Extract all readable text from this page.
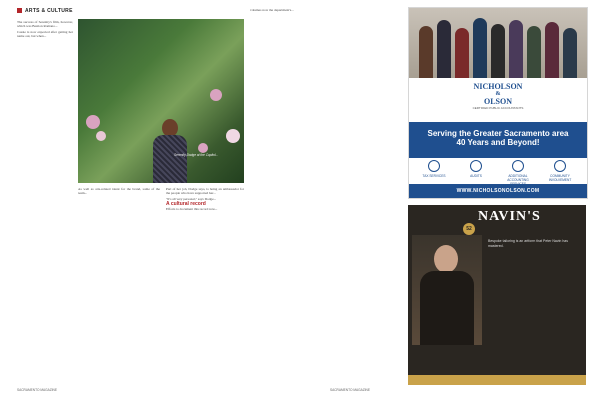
ARTS & CULTURE

The success of Serenity's film, however, which was Bastion Romano...

Cassie is now expected after getting her name out, but when...

Serenity Dodge at the Capitol...

As well as arts-related talent for the brand, some of the team...

Part of her job, Dodge says, is being an ambassador for the people who have supported her...

"It's all very personal," says Dodge...

A cultural record

Efforts to document this record now...

volumes now the department's...

SACRAMENTO MAGAZINE	SACRAMENTO MAGAZINE
NICHOLSON
&
OLSON
CERTIFIED PUBLIC ACCOUNTANTS
Serving the Greater Sacramento area
40 Years and Beyond!
TAX SERVICES	AUDITS	ADDITIONAL ACCOUNTING
COMMUNITY INVOLVEMENT
WWW.NICHOLSONOLSON.COM
52
NAVIN'S
Bespoke tailoring is an artform that Peter Navin has mastered.
